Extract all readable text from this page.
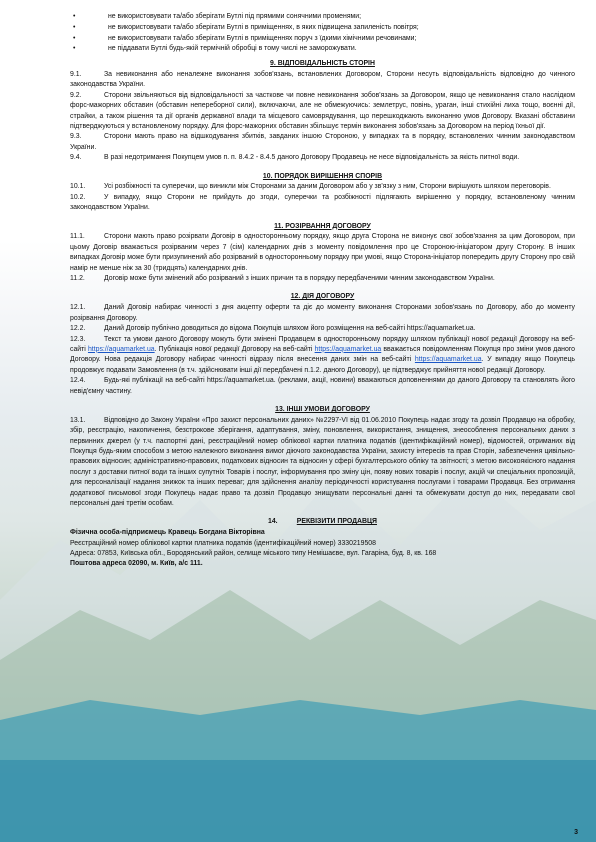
• не використовувати та/або зберігати Бутлі під прямими сонячними променями;
• не використовувати та/або зберігати Бутлі в приміщеннях, в яких підвищена запиленість повітря;
• не використовувати та/або зберігати Бутлі в приміщеннях поруч з їдкими хімічними речовинами;
• не піддавати Бутлі будь-якій термічній обробці в тому числі не заморожувати.
9. ВІДПОВІДАЛЬНІСТЬ СТОРІН

9.1.	За невиконання або неналежне виконання зобов'язань, встановлених Договором, Сторони несуть відповідальність відповідно до чинного законодавства України.

9.2.	Сторони звільняються від відповідальності за часткове чи повне невиконання зобов'язань за Договором, якщо це невиконання стало наслідком форс-мажорних обставин (обставин непереборної сили), включаючи, але не обмежуючись: землетрус, повінь, ураган, інші стихійні лиха тощо, воєнні дії, страйки, а також рішення та дії органів державної влади та місцевого самоврядування, що перешкоджають виконанню умов Договору. Вказані обставини підтверджуються у встановленому порядку. Для форс-мажорних обставин збільшує термін виконання зобов'язань за Договором на період їхньої дії.

9.3.	Сторони мають право на відшкодування збитків, завданих іншою Стороною, у випадках та в порядку, встановлених чинним законодавством України.

9.4.	В разі недотримання Покупцем умов п. п. 8.4.2 - 8.4.5 даного Договору Продавець не несе відповідальність за якість питної води.

10. ПОРЯДОК ВИРІШЕННЯ СПОРІВ

10.1.	Усі розбіжності та суперечки, що виникли між Сторонами за даним Договором або у зв'язку з ним, Сторони вирішують шляхом переговорів.

10.2.	У випадку, якщо Сторони не прийдуть до згоди, суперечки та розбіжності підлягають вирішенню у порядку, встановленому чинним законодавством України.

11. РОЗІРВАННЯ ДОГОВОРУ

11.1.	Сторони мають право розірвати Договір в односторонньому порядку, якщо друга Сторона не виконує свої зобов'язання за цим Договором, при цьому Договір вважається розірваним через 7 (сім) календарних днів з моменту повідомлення про це Стороною-ініціатором другу Сторону. В інших випадках Договір може бути призупинений або розірваний в односторонньому порядку при умові, якщо Сторона-ініціатор попередить другу Сторону про свій намір не менше ніж за 30 (тридцять) календарних днів.

11.2.	Договір може бути змінений або розірваний з інших причин та в порядку передбаченими чинним законодавством України.

12. ДІЯ ДОГОВОРУ

12.1.	Даний Договір набирає чинності з дня акцепту оферти та діє до моменту виконання Сторонами зобов'язань по Договору, або до моменту розірвання Договору.

12.2.	Даний Договір публічно доводиться до відома Покупців шляхом його розміщення на веб-сайті https://aquamarket.ua.

12.3.	Текст та умови даного Договору можуть бути змінені Продавцем в односторонньому порядку шляхом публікації нової редакції Договору на веб-сайті https://aquamarket.ua. Публікація нової редакції Договору на веб-сайті https://aquamarket.ua вважається повідомленням Покупця про зміни умов даного Договору. Нова редакція Договору набирає чинності відразу після внесення даних змін на веб-сайті https://aquamarket.ua. У випадку якщо Покупець продовжує подавати Замовлення (в т.ч. здійснювати інші дії передбачені п.1.2. даного Договору), це підтверджує прийняття нової редакції Договору.

12.4.	Будь-які публікації на веб-сайті https://aquamarket.ua. (реклами, акції, новини) вважаються доповненнями до даного Договору та становлять його невід'ємну частину.

13. ІНШІ УМОВИ ДОГОВОРУ

13.1.	Відповідно до Закону України «Про захист персональних даних» №2297-VI від 01.06.2010 Покупець надає згоду та дозвіл Продавцю на обробку, збір, реєстрацію, накопичення, безстрокове зберігання, адаптування, зміну, поновлення, використання, знищення, знеособлення персональних даних з первинних джерел (у т.ч. паспортні дані, реєстраційний номер облікової картки платника податків (ідентифікаційний номер), відомостей, отриманих від Покупця будь-яким способом з метою належного виконання вимог діючого законодавства України, захисту інтересів та прав Сторін, забезпечення цивільно-правових відносин; адміністративно-правових, податкових відносин та відносин у сфері бухгалтерського обліку та звітності; з метою високоякісного надання послуг з доставки питної води та інших супутніх Товарів і послуг, інформування про зміну цін, появу нових товарів і послуг, акцій чи спеціальних пропозицій, для персоналізації надання знижок та інших переваг; для здійснення аналізу періодичності користування послугами і товарами Продавця. Без отримання додаткової письмової згоди Покупець надає право та дозвіл Продавцю знищувати персональні данні та обмежувати доступ до них, передавати свої персональні дані третім особам.

14.	РЕКВІЗИТИ ПРОДАВЦЯ
Фізична особа-підприємець Кравець Богдана Вікторівна
Реєстраційний номер облікової картки платника податків (ідентифікаційний номер) 3330219508
Адреса: 07853, Київська обл., Бородянський район, селище міського типу Немішаєве, вул. Гагаріна, буд. 8, кв. 168
Поштова адреса 02090, м. Київ, а/с 111.
3
